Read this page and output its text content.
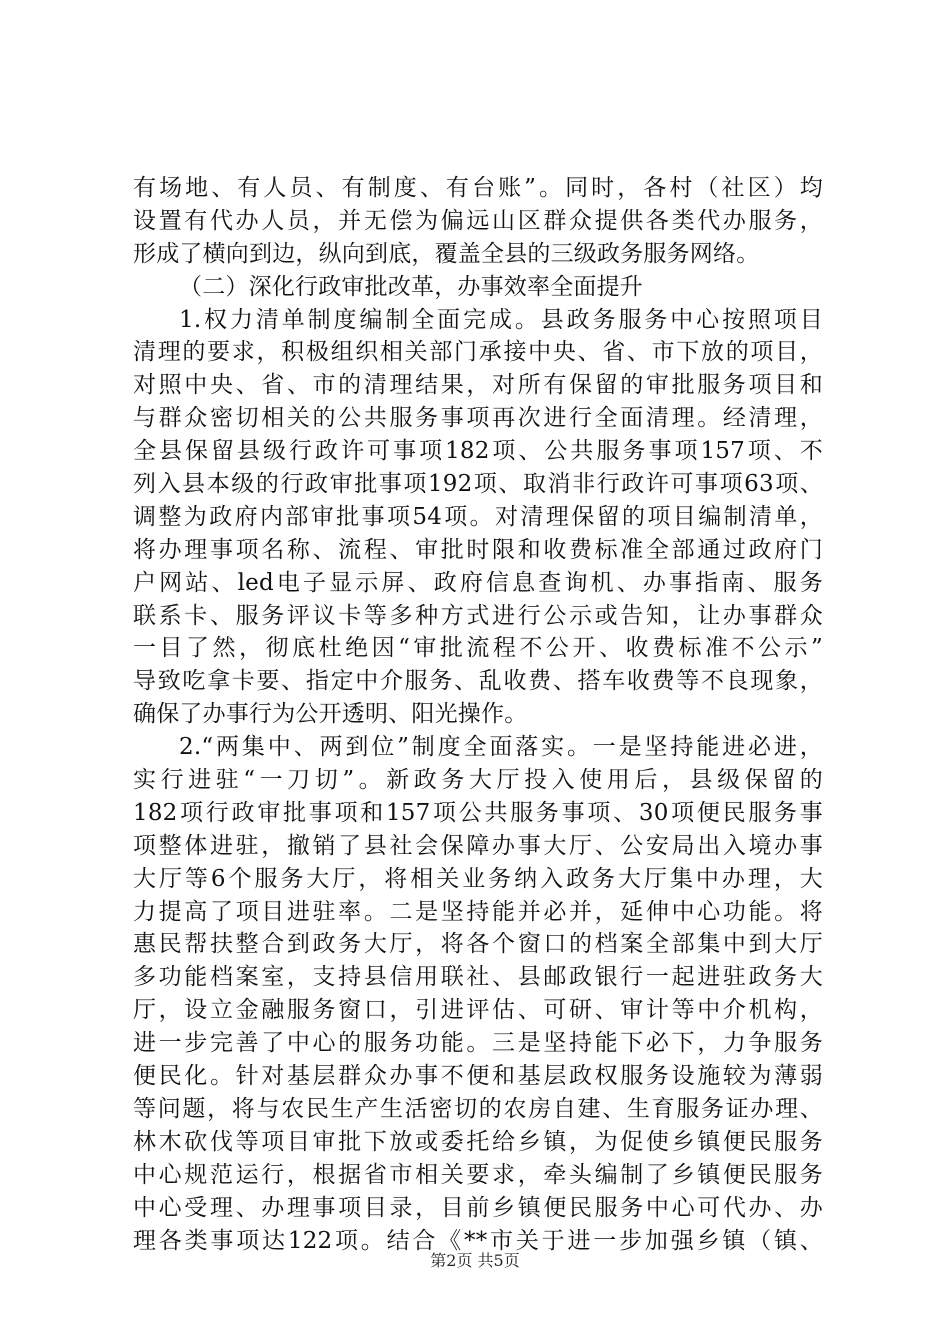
有场地、有人员、有制度、有台账”。同时，各村（社区）均
设置有代办人员，并无偿为偏远山区群众提供各类代办服务，
形成了横向到边，纵向到底，覆盖全县的三级政务服务网络。
（二）深化行政审批改革，办事效率全面提升
1.权力清单制度编制全面完成。县政务服务中心按照项目
清理的要求，积极组织相关部门承接中央、省、市下放的项目，
对照中央、省、市的清理结果，对所有保留的审批服务项目和
与群众密切相关的公共服务事项再次进行全面清理。经清理，
全县保留县级行政许可事项182项、公共服务事项157项、不
列入县本级的行政审批事项192项、取消非行政许可事项63项、
调整为政府内部审批事项54项。对清理保留的项目编制清单，
将办理事项名称、流程、审批时限和收费标准全部通过政府门
户网站、led电子显示屏、政府信息查询机、办事指南、服务
联系卡、服务评议卡等多种方式进行公示或告知，让办事群众
一目了然，彻底杜绝因“审批流程不公开、收费标准不公示”
导致吃拿卡要、指定中介服务、乱收费、搭车收费等不良现象，
确保了办事行为公开透明、阳光操作。
2.“两集中、两到位”制度全面落实。一是坚持能进必进，
实行进驻“一刀切”。新政务大厅投入使用后，县级保留的
182项行政审批事项和157项公共服务事项、30项便民服务事
项整体进驻，撤销了县社会保障办事大厅、公安局出入境办事
大厅等6个服务大厅，将相关业务纳入政务大厅集中办理，大
力提高了项目进驻率。二是坚持能并必并，延伸中心功能。将
惠民帮扶整合到政务大厅，将各个窗口的档案全部集中到大厅
多功能档案室，支持县信用联社、县邮政银行一起进驻政务大
厅，设立金融服务窗口，引进评估、可研、审计等中介机构，
进一步完善了中心的服务功能。三是坚持能下必下，力争服务
便民化。针对基层群众办事不便和基层政权服务设施较为薄弱
等问题，将与农民生产生活密切的农房自建、生育服务证办理、
林木砍伐等项目审批下放或委托给乡镇，为促使乡镇便民服务
中心规范运行，根据省市相关要求，牵头编制了乡镇便民服务
中心受理、办理事项目录，目前乡镇便民服务中心可代办、办
理各类事项达122项。结合《**市关于进一步加强乡镇（镇、
第2页 共5页
